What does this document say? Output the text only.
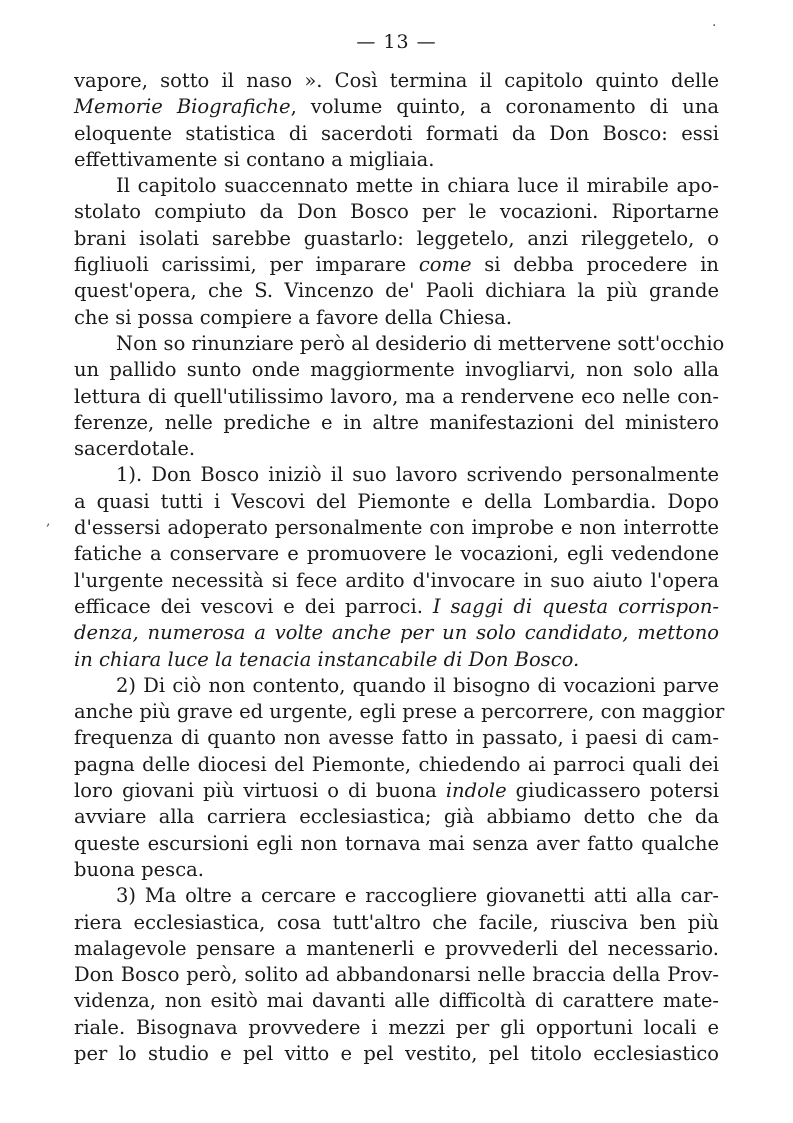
— 13 —
vapore, sotto il naso ». Così termina il capitolo quinto delle
Memorie Biografiche, volume quinto, a coronamento di una
eloquente statistica di sacerdoti formati da Don Bosco: essi
effettivamente si contano a migliaia.
Il capitolo suaccennato mette in chiara luce il mirabile apo-
stolato compiuto da Don Bosco per le vocazioni. Riportarne
brani isolati sarebbe guastarlo: leggetelo, anzi rileggetelo, o
figliuoli carissimi, per imparare come si debba procedere in
quest'opera, che S. Vincenzo de' Paoli dichiara la più grande
che si possa compiere a favore della Chiesa.
Non so rinunziare però al desiderio di mettervene sott'occhio
un pallido sunto onde maggiormente invogliarvi, non solo alla
lettura di quell'utilissimo lavoro, ma a rendervene eco nelle con-
ferenze, nelle prediche e in altre manifestazioni del ministero
sacerdotale.
1). Don Bosco iniziò il suo lavoro scrivendo personalmente
a quasi tutti i Vescovi del Piemonte e della Lombardia. Dopo
d'essersi adoperato personalmente con improbe e non interrotte
fatiche a conservare e promuovere le vocazioni, egli vedendone
l'urgente necessità si fece ardito d'invocare in suo aiuto l'opera
efficace dei vescovi e dei parroci. I saggi di questa corrispon-
denza, numerosa a volte anche per un solo candidato, mettono
in chiara luce la tenacia instancabile di Don Bosco.
2) Di ciò non contento, quando il bisogno di vocazioni parve
anche più grave ed urgente, egli prese a percorrere, con maggior
frequenza di quanto non avesse fatto in passato, i paesi di cam-
pagna delle diocesi del Piemonte, chiedendo ai parroci quali dei
loro giovani più virtuosi o di buona indole giudicassero potersi
avviare alla carriera ecclesiastica; già abbiamo detto che da
queste escursioni egli non tornava mai senza aver fatto qualche
buona pesca.
3) Ma oltre a cercare e raccogliere giovanetti atti alla car-
riera ecclesiastica, cosa tutt'altro che facile, riusciva ben più
malagevole pensare a mantenerli e provvederli del necessario.
Don Bosco però, solito ad abbandonarsi nelle braccia della Prov-
videnza, non esitò mai davanti alle difficoltà di carattere mate-
riale. Bisognava provvedere i mezzi per gli opportuni locali e
per lo studio e pel vitto e pel vestito, pel titolo ecclesiastico
·
,
